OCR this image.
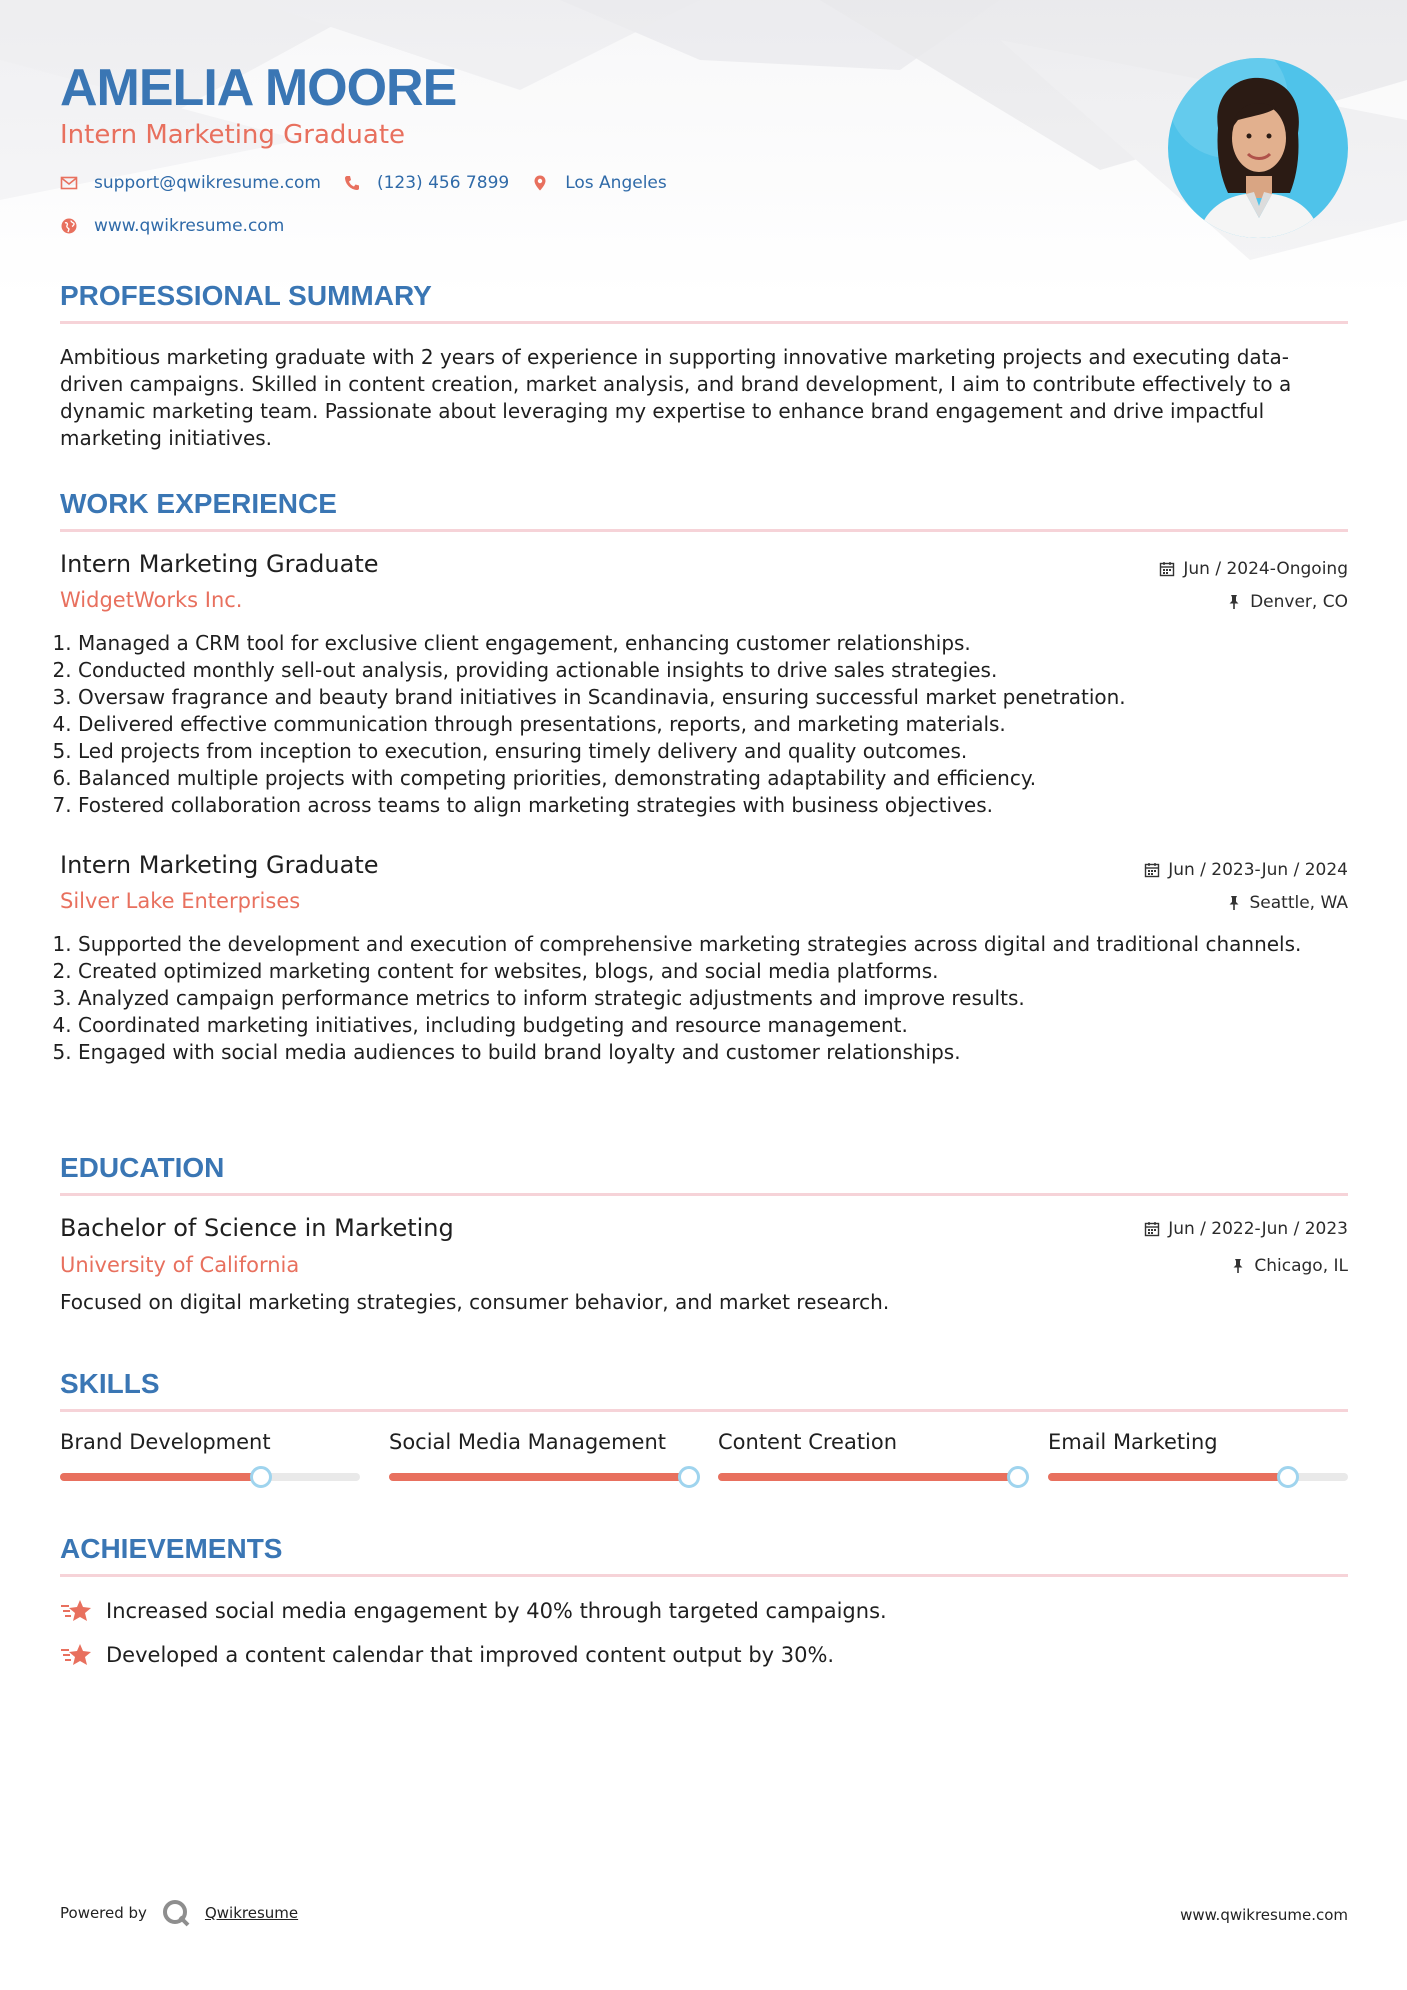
AMELIA MOORE
Intern Marketing Graduate
support@qwikresume.com	(123) 456 7899	Los Angeles
www.qwikresume.com
PROFESSIONAL SUMMARY

Ambitious marketing graduate with 2 years of experience in supporting innovative marketing projects and executing data-driven campaigns. Skilled in content creation, market analysis, and brand development, I aim to contribute effectively to a dynamic marketing team. Passionate about leveraging my expertise to enhance brand engagement and drive impactful marketing initiatives.

WORK EXPERIENCE
Intern Marketing Graduate	Jun / 2024-Ongoing
WidgetWorks Inc.	Denver, CO
1. Managed a CRM tool for exclusive client engagement, enhancing customer relationships.
2. Conducted monthly sell-out analysis, providing actionable insights to drive sales strategies.
3. Oversaw fragrance and beauty brand initiatives in Scandinavia, ensuring successful market penetration.
4. Delivered effective communication through presentations, reports, and marketing materials.
5. Led projects from inception to execution, ensuring timely delivery and quality outcomes.
6. Balanced multiple projects with competing priorities, demonstrating adaptability and efficiency.
7. Fostered collaboration across teams to align marketing strategies with business objectives.
Intern Marketing Graduate	Jun / 2023-Jun / 2024
Silver Lake Enterprises	Seattle, WA
1. Supported the development and execution of comprehensive marketing strategies across digital and traditional channels.
2. Created optimized marketing content for websites, blogs, and social media platforms.
3. Analyzed campaign performance metrics to inform strategic adjustments and improve results.
4. Coordinated marketing initiatives, including budgeting and resource management.
5. Engaged with social media audiences to build brand loyalty and customer relationships.
EDUCATION
Bachelor of Science in Marketing	Jun / 2022-Jun / 2023
University of California	Chicago, IL

Focused on digital marketing strategies, consumer behavior, and market research.

SKILLS
Brand Development	Social Media Management	Content Creation	Email Marketing
ACHIEVEMENTS
Increased social media engagement by 40% through targeted campaigns.
Developed a content calendar that improved content output by 30%.
Powered by	Qwikresume	www.qwikresume.com
